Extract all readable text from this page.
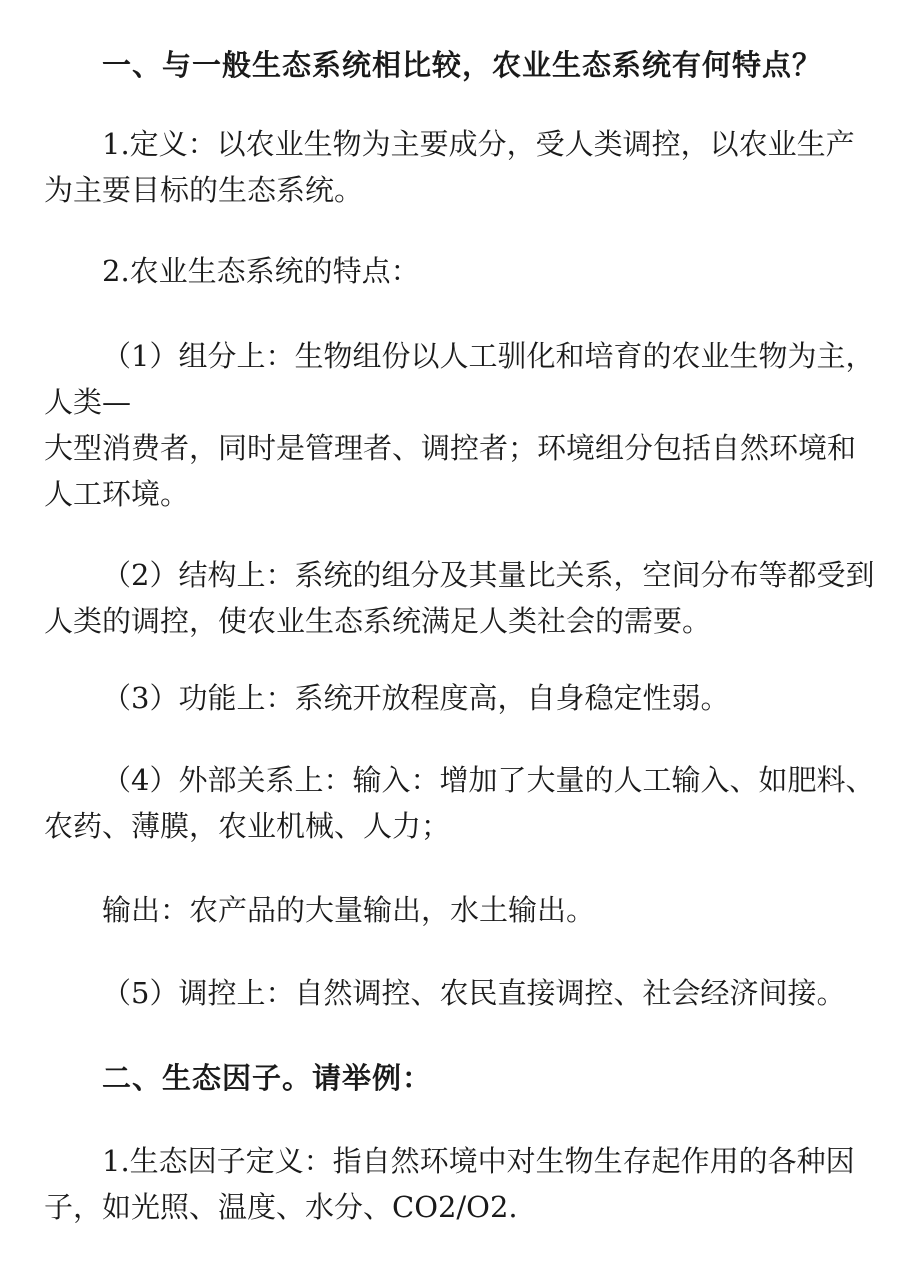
一、与一般生态系统相比较，农业生态系统有何特点？
1.定义：以农业生物为主要成分，受人类调控，以农业生产
为主要目标的生态系统。
2.农业生态系统的特点：
（1）组分上：生物组份以人工驯化和培育的农业生物为主，
人类—
大型消费者，同时是管理者、调控者；环境组分包括自然环境和
人工环境。
（2）结构上：系统的组分及其量比关系，空间分布等都受到
人类的调控，使农业生态系统满足人类社会的需要。
（3）功能上：系统开放程度高，自身稳定性弱。
（4）外部关系上：输入：增加了大量的人工输入、如肥料、
农药、薄膜，农业机械、人力；
输出：农产品的大量输出，水土输出。
（5）调控上：自然调控、农民直接调控、社会经济间接。
二、生态因子。请举例：
1.生态因子定义：指自然环境中对生物生存起作用的各种因
子，如光照、温度、水分、CO2/O2.
